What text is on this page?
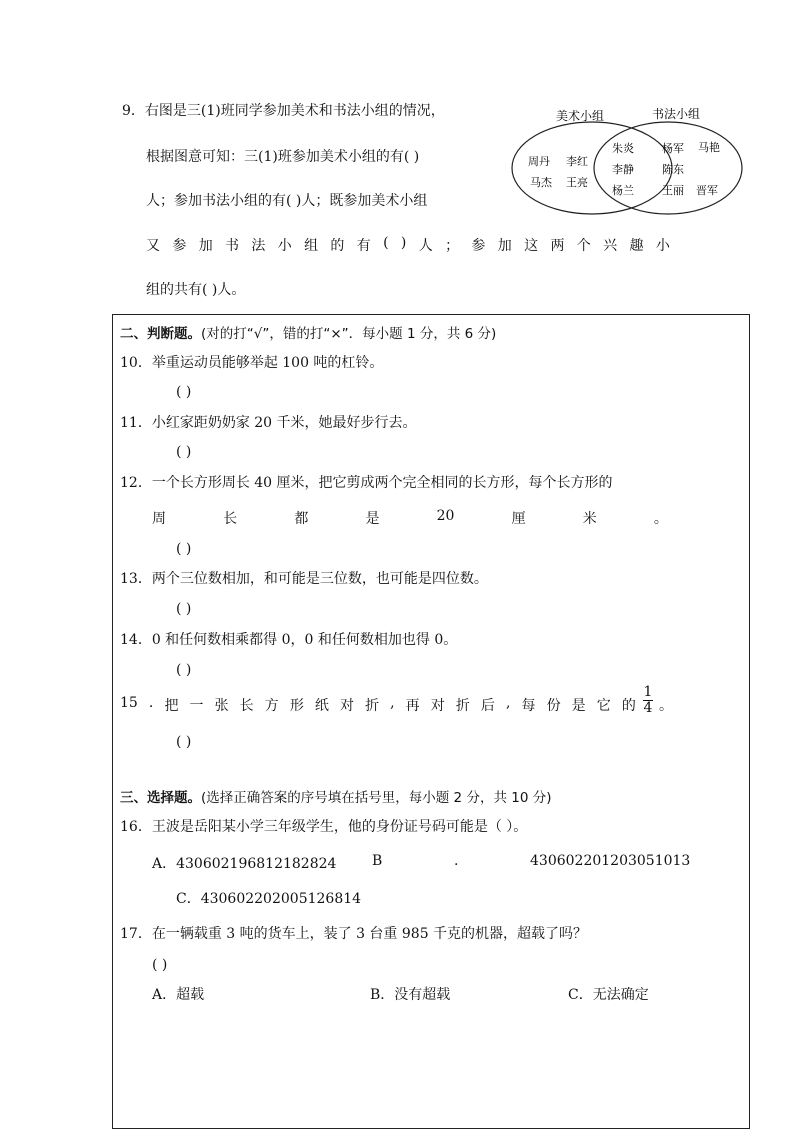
9．右图是三(1)班同学参加美术和书法小组的情况，
根据图意可知：三(1)班参加美术小组的有( )
人；参加书法小组的有( )人；既参加美术小组
又 参 加 书 法 小 组 的 有 ( ) 人 ； 参 加 这 两 个 兴 趣 小
组的共有( )人。
美术小组	书法小组
周丹 李红
马杰 王亮
朱炎
李静
杨兰
杨军 马艳
陈东
王丽 晋军
二、判断题。(对的打“√”，错的打“×”．每小题 1 分，共 6 分)
10．举重运动员能够举起 100 吨的杠铃。
( )
11．小红家距奶奶家 20 千米，她最好步行去。
( )
12．一个长方形周长 40 厘米，把它剪成两个完全相同的长方形，每个长方形的
周	长	都	是	20	厘	米	。
( )
13．两个三位数相加，和可能是三位数，也可能是四位数。
( )
14．0 和任何数相乘都得 0，0 和任何数相加也得 0。
( )
15 . 把 一 张 长 方 形 纸 对 折 , 再 对 折 后 , 每 份 是 它 的
1
4 。
( )
三、选择题。(选择正确答案的序号填在括号里，每小题 2 分，共 10 分)
16．王波是岳阳某小学三年级学生，他的身份证号码可能是（ ）。
A．430602196812182824	B	.	430602201203051013
C．430602202005126814
17．在一辆载重 3 吨的货车上，装了 3 台重 985 千克的机器，超载了吗？
( )
A．超载	B．没有超载	C．无法确定
